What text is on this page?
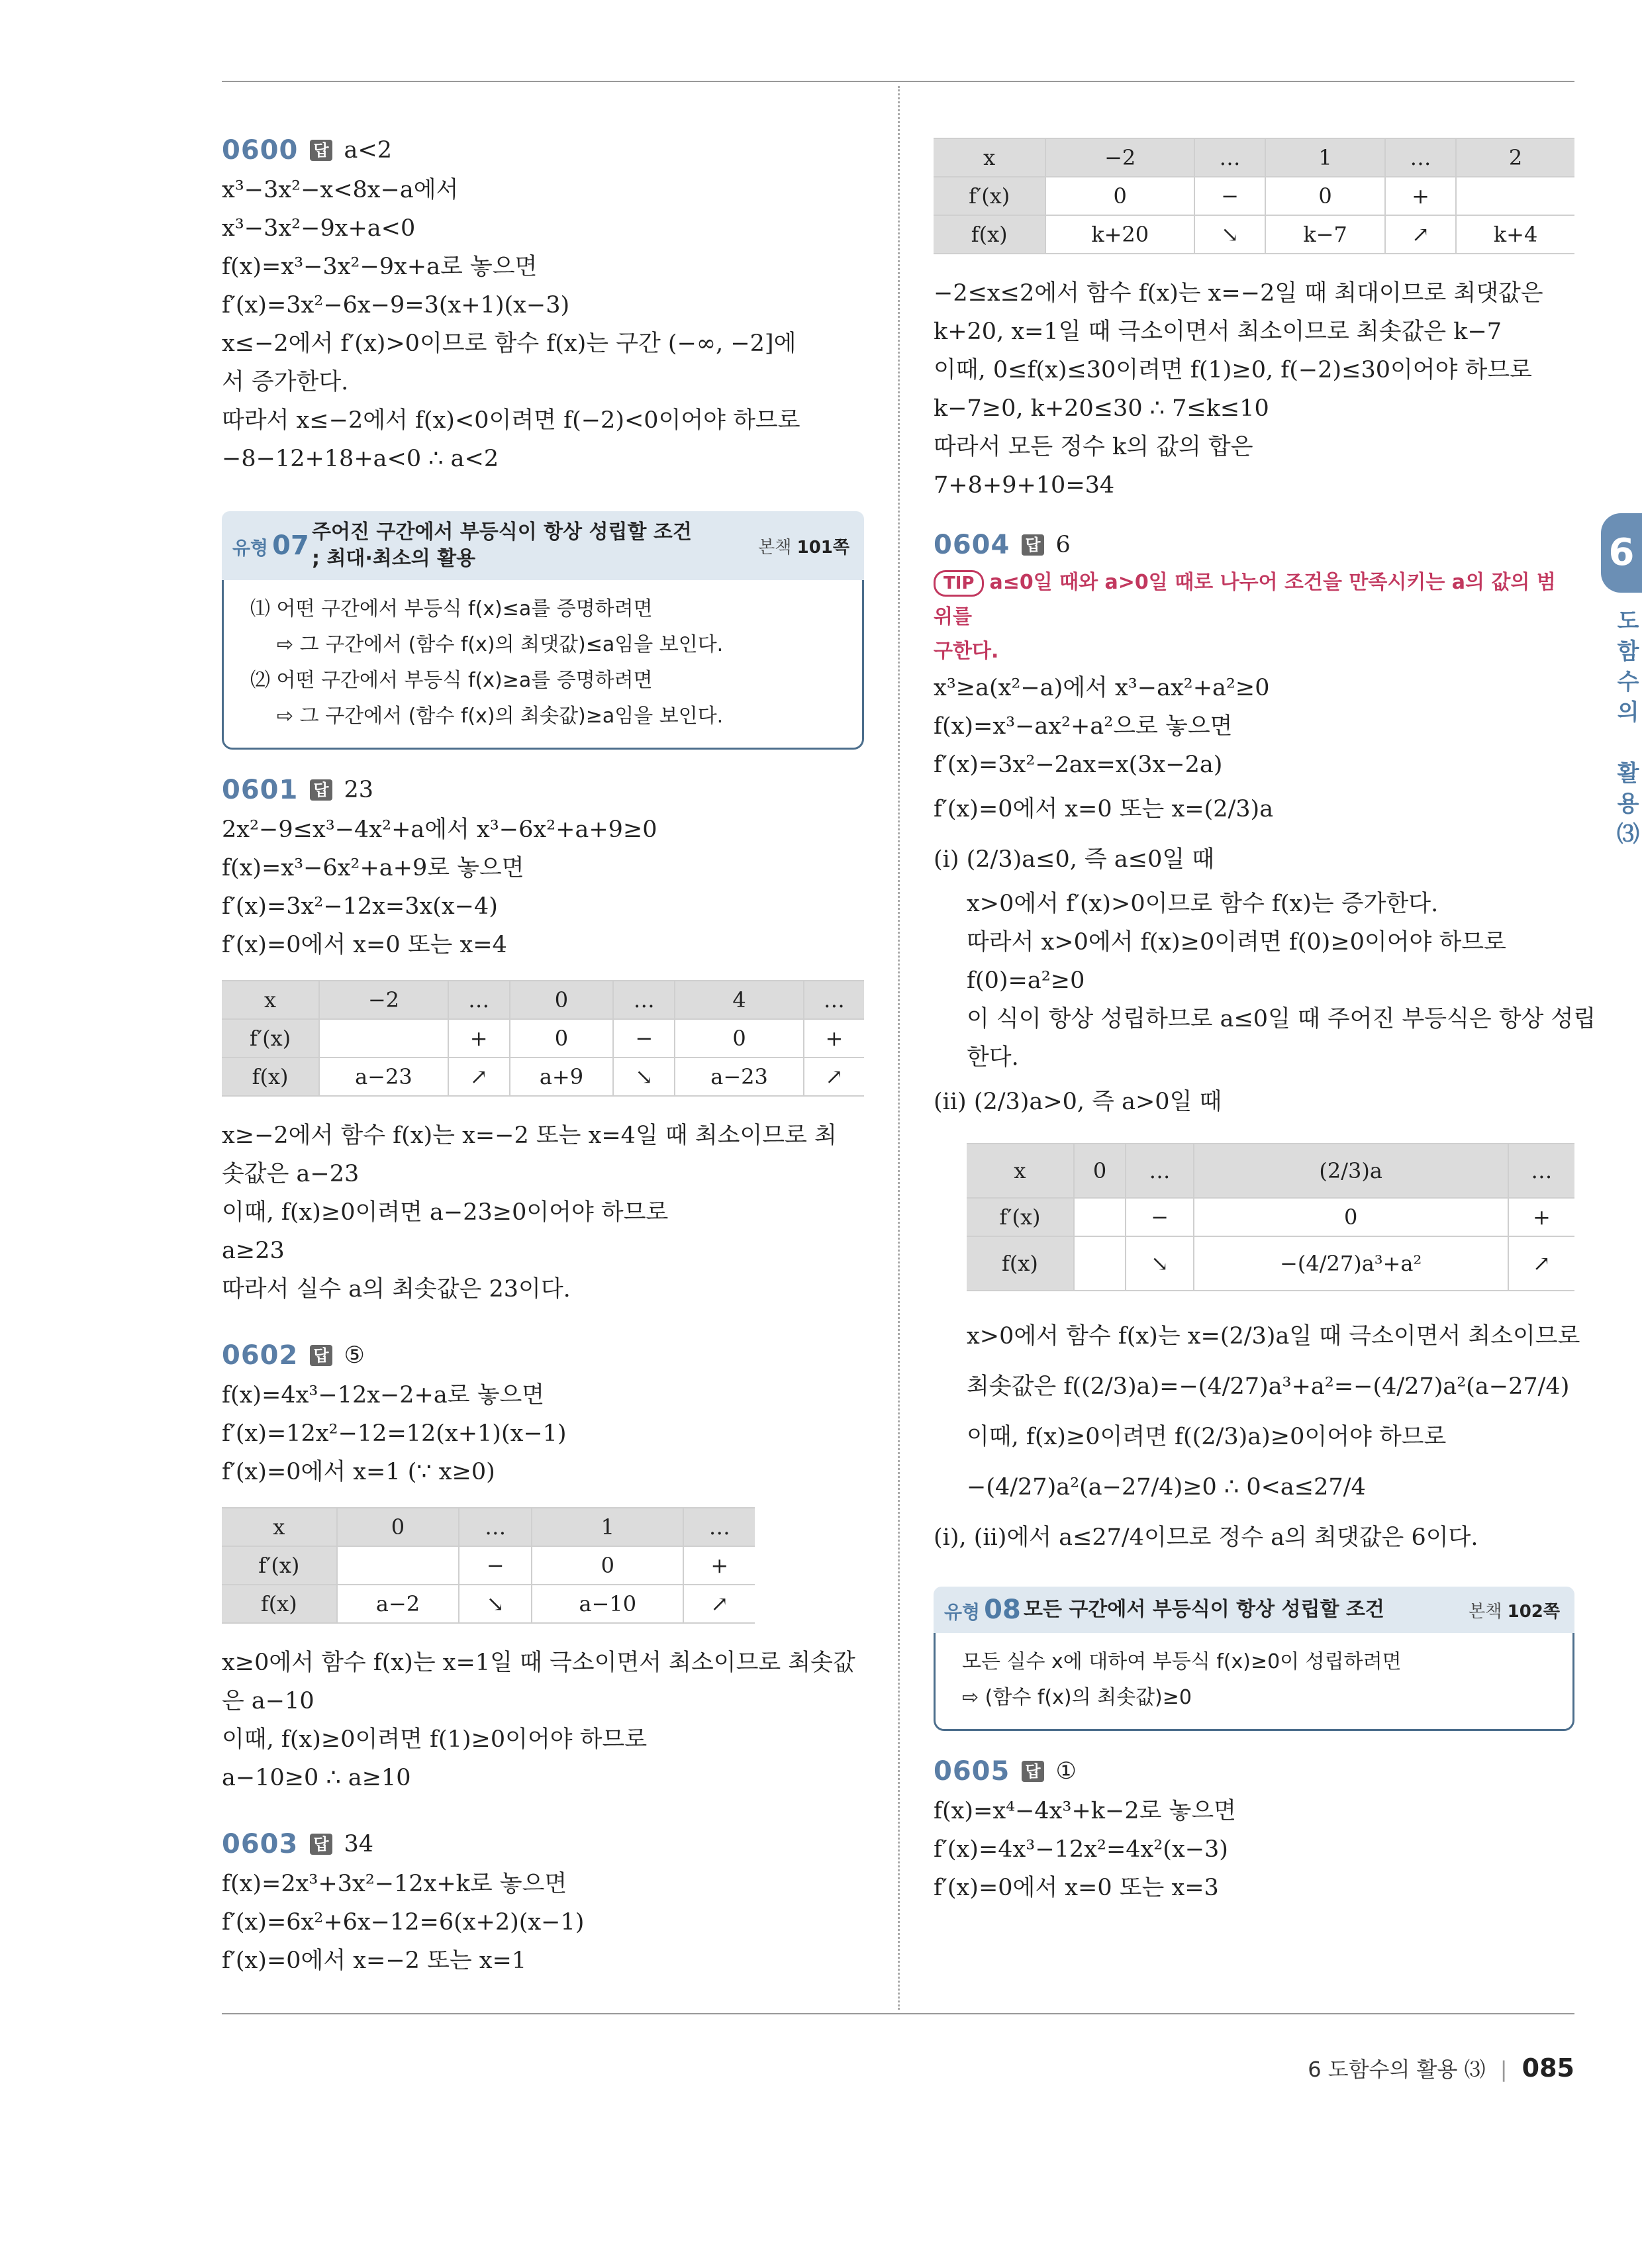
0600 답 a<2
x³−3x²−x<8x−a에서
x³−3x²−9x+a<0
f(x)=x³−3x²−9x+a로 놓으면
f′(x)=3x²−6x−9=3(x+1)(x−3)
x≤−2에서 f′(x)>0이므로 함수 f(x)는 구간 (−∞, −2]에
서 증가한다.
따라서 x≤−2에서 f(x)<0이려면 f(−2)<0이어야 하므로
−8−12+18+a<0 ∴ a<2
유형 07 주어진 구간에서 부등식이 항상 성립할 조건
; 최대·최소의 활용	본책 101쪽
⑴ 어떤 구간에서 부등식 f(x)≤a를 증명하려면
⇨ 그 구간에서 (함수 f(x)의 최댓값)≤a임을 보인다.
⑵ 어떤 구간에서 부등식 f(x)≥a를 증명하려면
⇨ 그 구간에서 (함수 f(x)의 최솟값)≥a임을 보인다.
0601 답 23
2x²−9≤x³−4x²+a에서 x³−6x²+a+9≥0
f(x)=x³−6x²+a+9로 놓으면
f′(x)=3x²−12x=3x(x−4)
f′(x)=0에서 x=0 또는 x=4
x	−2	…	0	…	4	…
f′(x)		+	0	−	0	+
f(x)	a−23	↗	a+9	↘	a−23	↗
x≥−2에서 함수 f(x)는 x=−2 또는 x=4일 때 최소이므로 최
솟값은 a−23
이때, f(x)≥0이려면 a−23≥0이어야 하므로
a≥23
따라서 실수 a의 최솟값은 23이다.
0602 답 ⑤
f(x)=4x³−12x−2+a로 놓으면
f′(x)=12x²−12=12(x+1)(x−1)
f′(x)=0에서 x=1 (∵ x≥0)
x	0	…	1	…
f′(x)		−	0	+
f(x)	a−2	↘	a−10	↗
x≥0에서 함수 f(x)는 x=1일 때 극소이면서 최소이므로 최솟값
은 a−10
이때, f(x)≥0이려면 f(1)≥0이어야 하므로
a−10≥0 ∴ a≥10
0603 답 34
f(x)=2x³+3x²−12x+k로 놓으면
f′(x)=6x²+6x−12=6(x+2)(x−1)
f′(x)=0에서 x=−2 또는 x=1
x	−2	…	1	…	2
f′(x)	0	−	0	+	
f(x)	k+20	↘	k−7	↗	k+4
−2≤x≤2에서 함수 f(x)는 x=−2일 때 최대이므로 최댓값은
k+20, x=1일 때 극소이면서 최소이므로 최솟값은 k−7
이때, 0≤f(x)≤30이려면 f(1)≥0, f(−2)≤30이어야 하므로
k−7≥0, k+20≤30 ∴ 7≤k≤10
따라서 모든 정수 k의 값의 합은
7+8+9+10=34
0604 답 6
TIP a≤0일 때와 a>0일 때로 나누어 조건을 만족시키는 a의 값의 범위를
구한다.
x³≥a(x²−a)에서 x³−ax²+a²≥0
f(x)=x³−ax²+a²으로 놓으면
f′(x)=3x²−2ax=x(3x−2a)
f′(x)=0에서 x=0 또는 x=(2/3)a
(i) (2/3)a≤0, 즉 a≤0일 때
x>0에서 f′(x)>0이므로 함수 f(x)는 증가한다.
따라서 x>0에서 f(x)≥0이려면 f(0)≥0이어야 하므로
f(0)=a²≥0
이 식이 항상 성립하므로 a≤0일 때 주어진 부등식은 항상 성립
한다.
(ii) (2/3)a>0, 즉 a>0일 때
x	0	…	(2/3)a	…
f′(x)		−	0	+
f(x)		↘	−(4/27)a³+a²	↗
x>0에서 함수 f(x)는 x=(2/3)a일 때 극소이면서 최소이므로
최솟값은 f((2/3)a)=−(4/27)a³+a²=−(4/27)a²(a−27/4)
이때, f(x)≥0이려면 f((2/3)a)≥0이어야 하므로
−(4/27)a²(a−27/4)≥0 ∴ 0<a≤27/4
(i), (ii)에서 a≤27/4이므로 정수 a의 최댓값은 6이다.
유형 08 모든 구간에서 부등식이 항상 성립할 조건	본책 102쪽
모든 실수 x에 대하여 부등식 f(x)≥0이 성립하려면
⇨ (함수 f(x)의 최솟값)≥0
0605 답 ①
f(x)=x⁴−4x³+k−2로 놓으면
f′(x)=4x³−12x²=4x²(x−3)
f′(x)=0에서 x=0 또는 x=3
6
도
함
수
의

활
용
⑶
6 도함수의 활용 ⑶ | 085
